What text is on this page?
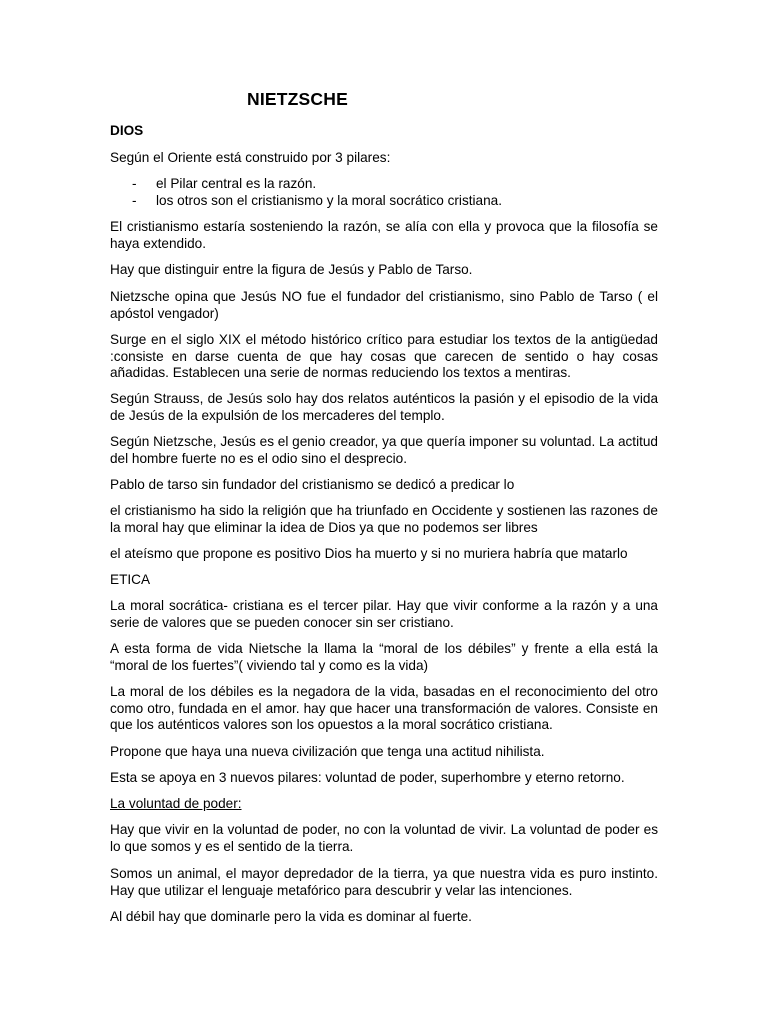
NIETZSCHE

DIOS

Según el Oriente está construido por 3 pilares:

- el Pilar central es la razón.
- los otros son el cristianismo y la moral socrático cristiana.

El cristianismo estaría sosteniendo la razón, se alía con ella y provoca que la filosofía se haya extendido.

Hay que distinguir entre la figura de Jesús y Pablo de Tarso.

Nietzsche opina que Jesús NO fue el fundador del cristianismo, sino Pablo de Tarso ( el apóstol vengador)

Surge en el siglo XIX el método histórico crítico para estudiar los textos de la antigüedad :consiste en darse cuenta de que hay cosas que carecen de sentido o hay cosas añadidas. Establecen una serie de normas reduciendo los textos a mentiras.

Según Strauss, de Jesús solo hay dos relatos auténticos la pasión y el episodio de la vida de Jesús de la expulsión de los mercaderes del templo.

Según Nietzsche, Jesús es el genio creador, ya que quería imponer su voluntad. La actitud del hombre fuerte no es el odio sino el desprecio.

Pablo de tarso sin fundador del cristianismo se dedicó a predicar lo

el cristianismo ha sido la religión que ha triunfado en Occidente y sostienen las razones de la moral hay que eliminar la idea de Dios ya que no podemos ser libres

el ateísmo que propone es positivo Dios ha muerto y si no muriera habría que matarlo

ETICA

La moral socrática- cristiana es el tercer pilar. Hay que vivir conforme a la razón y a una serie de valores que se pueden conocer sin ser cristiano.

A esta forma de vida Nietsche la llama la “moral de los débiles” y frente a ella está la “moral de los fuertes”( viviendo tal y como es la vida)

La moral de los débiles es la negadora de la vida, basadas en el reconocimiento del otro como otro, fundada en el amor. hay que hacer una transformación de valores. Consiste en que los auténticos valores son los opuestos a la moral socrático cristiana.

Propone que haya una nueva civilización que tenga una actitud nihilista.

Esta se apoya en 3 nuevos pilares: voluntad de poder, superhombre y eterno retorno.

La voluntad de poder:

Hay que vivir en la voluntad de poder, no con la voluntad de vivir. La voluntad de poder es lo que somos y es el sentido de la tierra.

Somos un animal, el mayor depredador de la tierra, ya que nuestra vida es puro instinto. Hay que utilizar el lenguaje metafórico para descubrir y velar las intenciones.

Al débil hay que dominarle pero la vida es dominar al fuerte.
